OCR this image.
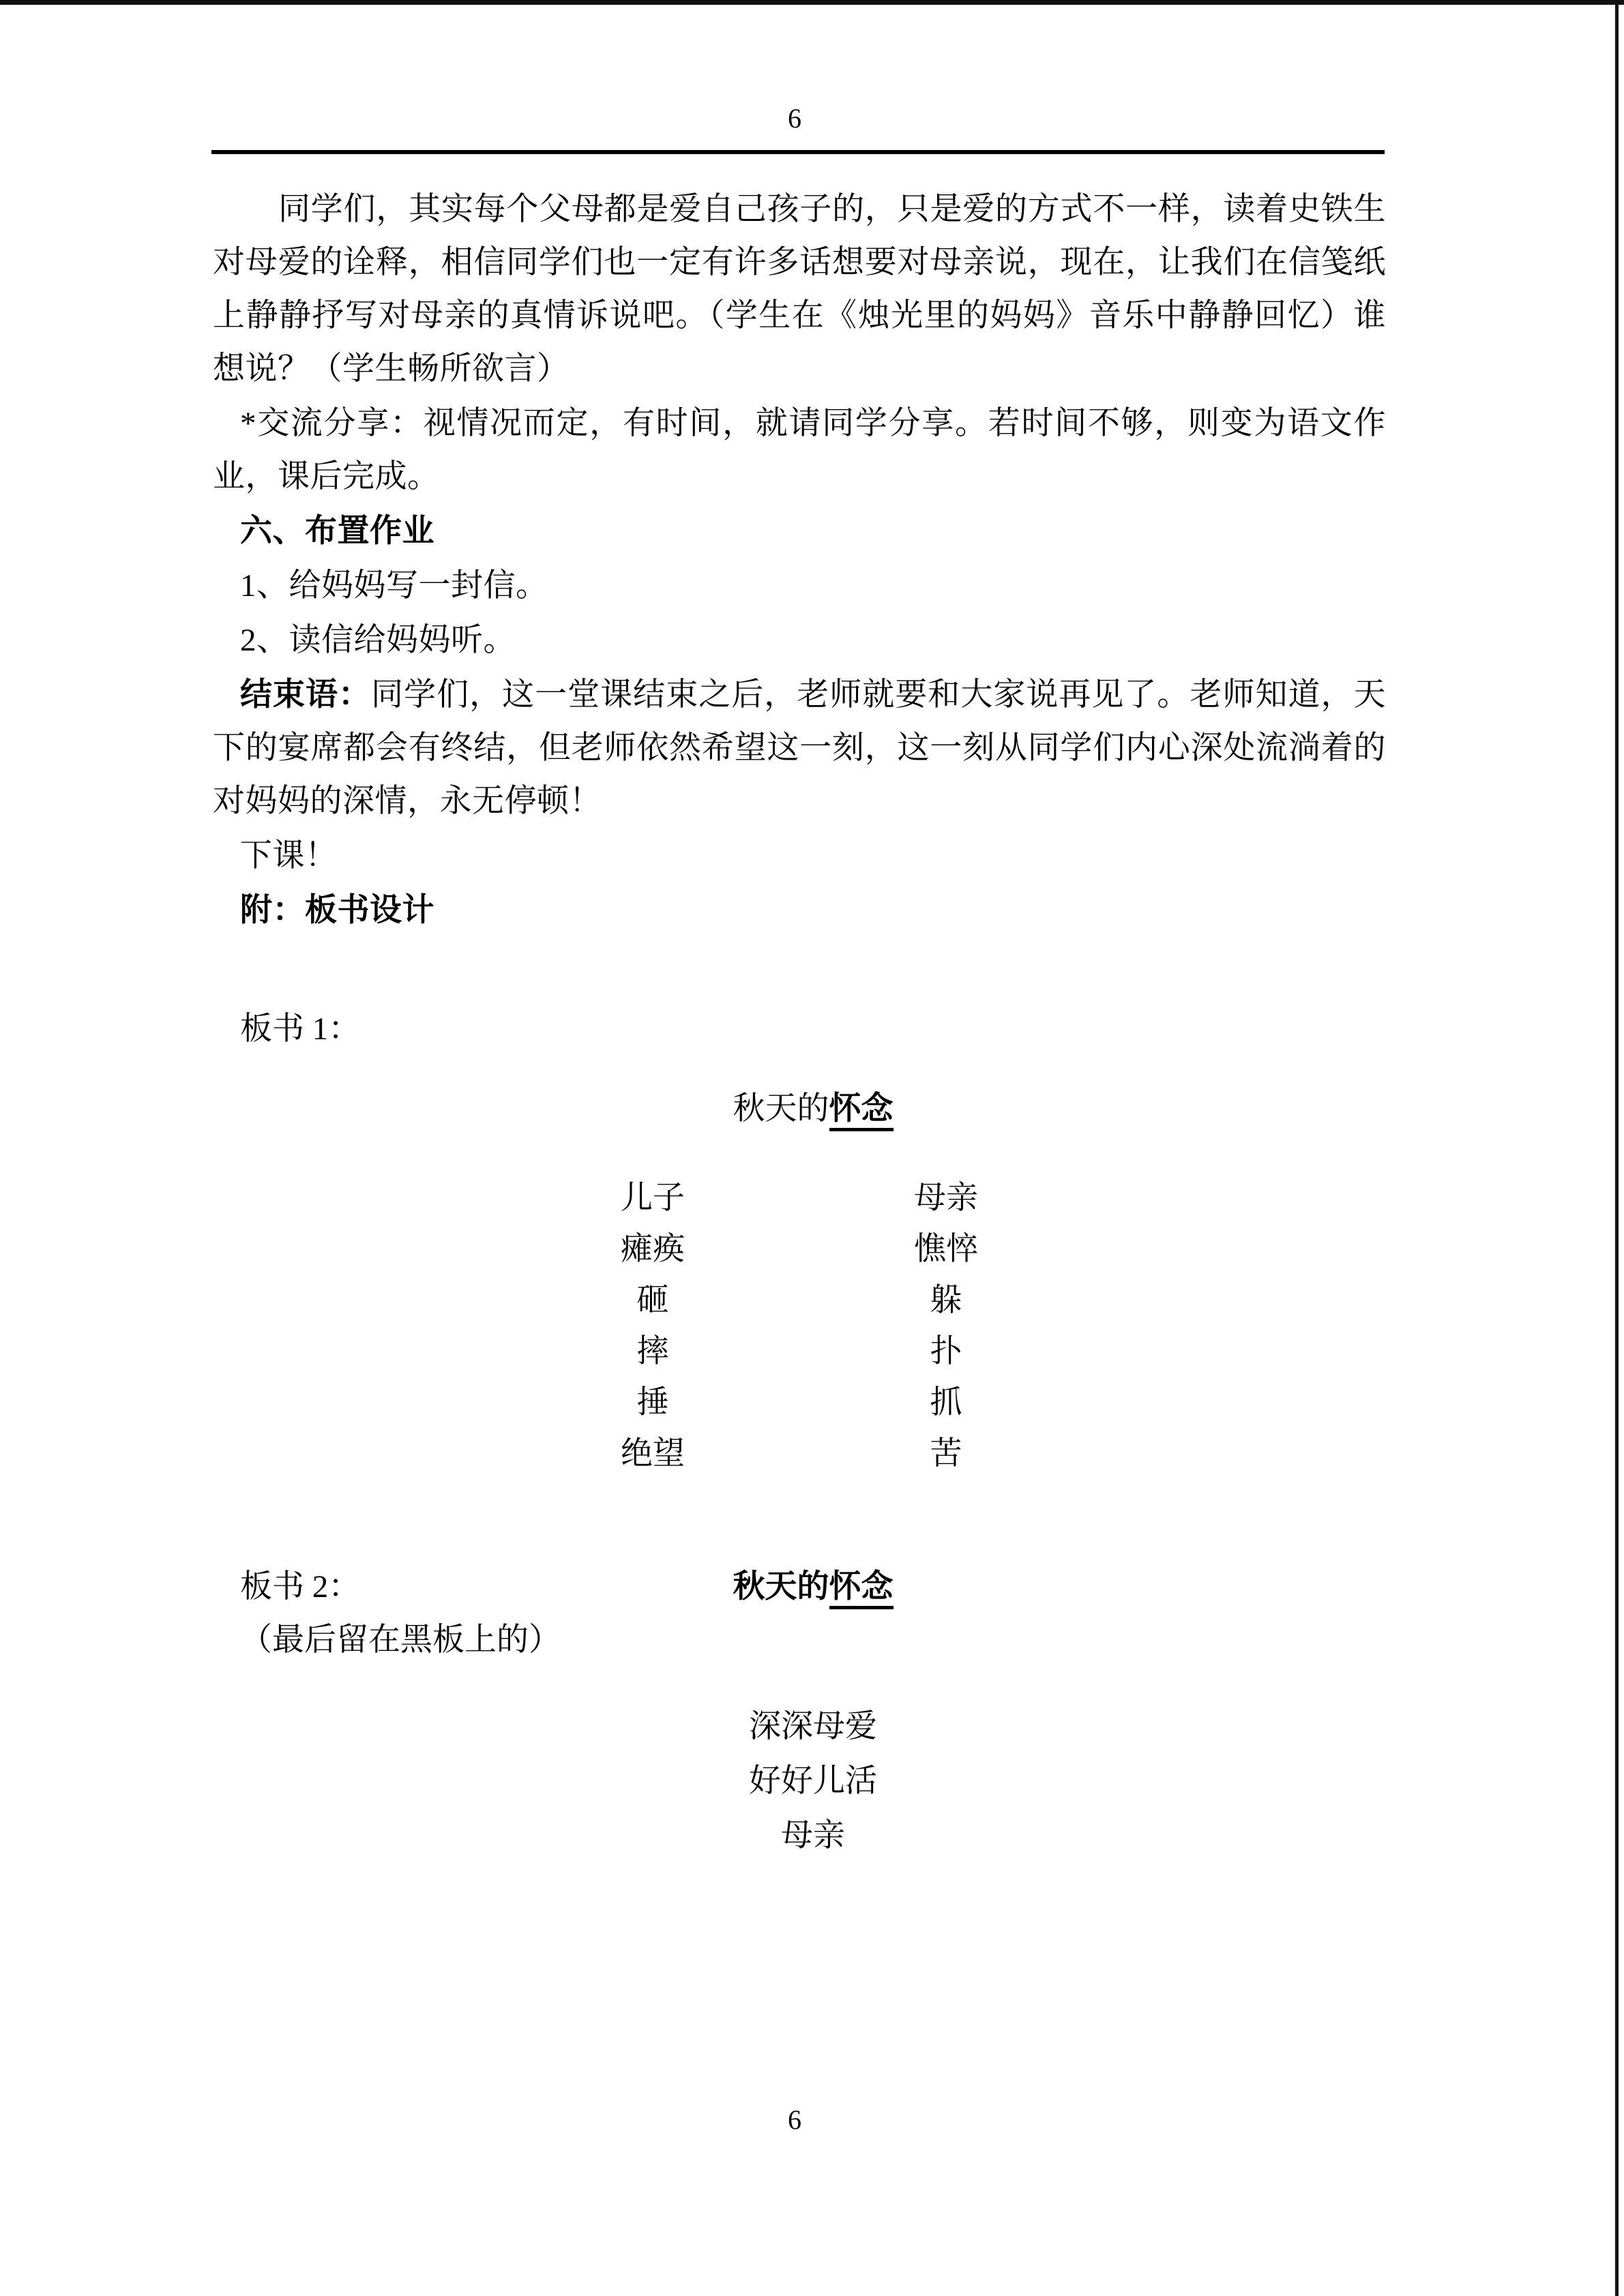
6

同学们，其实每个父母都是爱自己孩子的，只是爱的方式不一样，读着史铁生对母爱的诠释，相信同学们也一定有许多话想要对母亲说，现在，让我们在信笺纸上静静抒写对母亲的真情诉说吧。（学生在《烛光里的妈妈》音乐中静静回忆）谁想说？（学生畅所欲言）

*交流分享：视情况而定，有时间，就请同学分享。若时间不够，则变为语文作业，课后完成。

六、布置作业

1、给妈妈写一封信。

2、读信给妈妈听。

结束语：同学们，这一堂课结束之后，老师就要和大家说再见了。老师知道，天下的宴席都会有终结，但老师依然希望这一刻，这一刻从同学们内心深处流淌着的对妈妈的深情，永无停顿！

下课！

附：板书设计

板书 1：

秋天的怀念
儿子	母亲
瘫痪	憔悴
砸	躲
摔	扑
捶	抓
绝望	苦
板书 2：	秋天的怀念

（最后留在黑板上的）

深深母爱
好好儿活
母亲
6
